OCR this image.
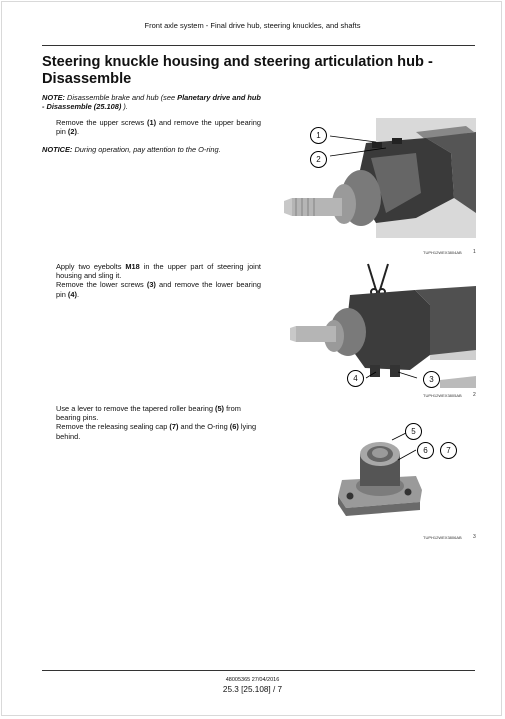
Front axle system - Final drive hub, steering knuckles, and shafts
Steering knuckle housing and steering articulation hub - Disassemble
NOTE: Disassemble brake and hub (see Planetary drive and hub - Disassemble (25.108) ).
Remove the upper screws (1) and remove the upper bearing pin (2).
NOTICE: During operation, pay attention to the O-ring.
1
2
TUPH12WEX3804AB 1
Apply two eyebolts M18 in the upper part of steering joint housing and sling it.
Remove the lower screws (3) and remove the lower bearing pin (4).
4	3
TUPH12WEX3805AB 2
Use a lever to remove the tapered roller bearing (5) from bearing pins.
Remove the releasing sealing cap (7) and the O-ring (6) lying behind.
5
6	7
TUPH12WEX3806AB 3
48005365 27/04/2016
25.3 [25.108] / 7
